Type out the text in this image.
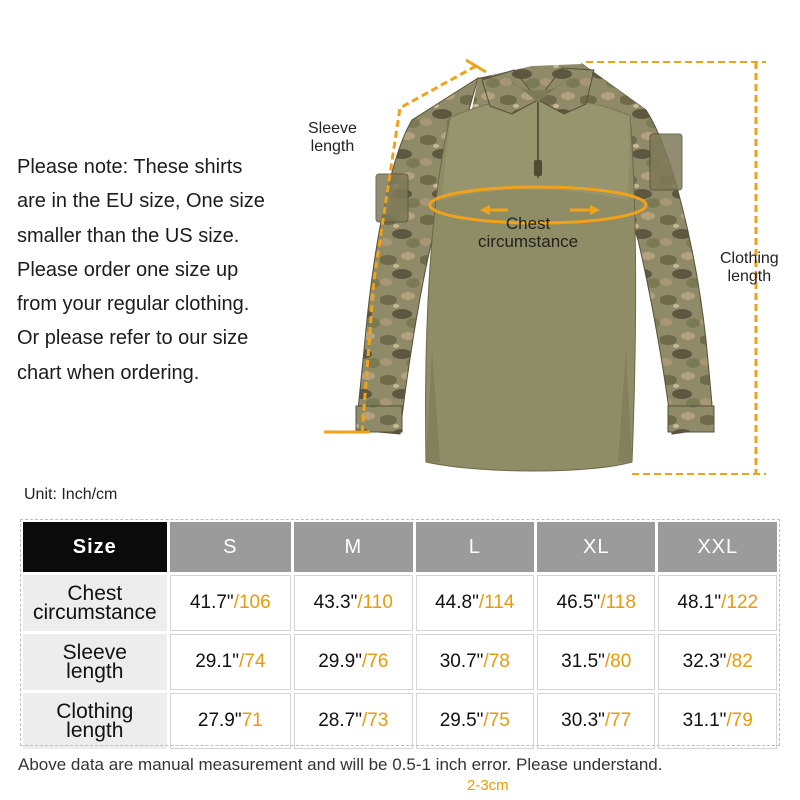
Please note: These shirts
are in the EU size, One size
smaller than the US size.
Please order one size up
from your regular clothing.
Or please refer to our size
chart when ordering.
Sleeve
length
Chest
circumstance
Clothing
length
Unit: Inch/cm
Size	S	M	L	XL	XXL

Chest
circumstance	41.7"/106	43.3"/110	44.8"/114	46.5"/118	48.1"/122

Sleeve
length	29.1"/74	29.9"/76	30.7"/78	31.5"/80	32.3"/82

Clothing
length	27.9"71	28.7"/73	29.5"/75	30.3"/77	31.1"/79
Above data are manual measurement and will be 0.5-1 inch error. Please understand.
2-3cm
